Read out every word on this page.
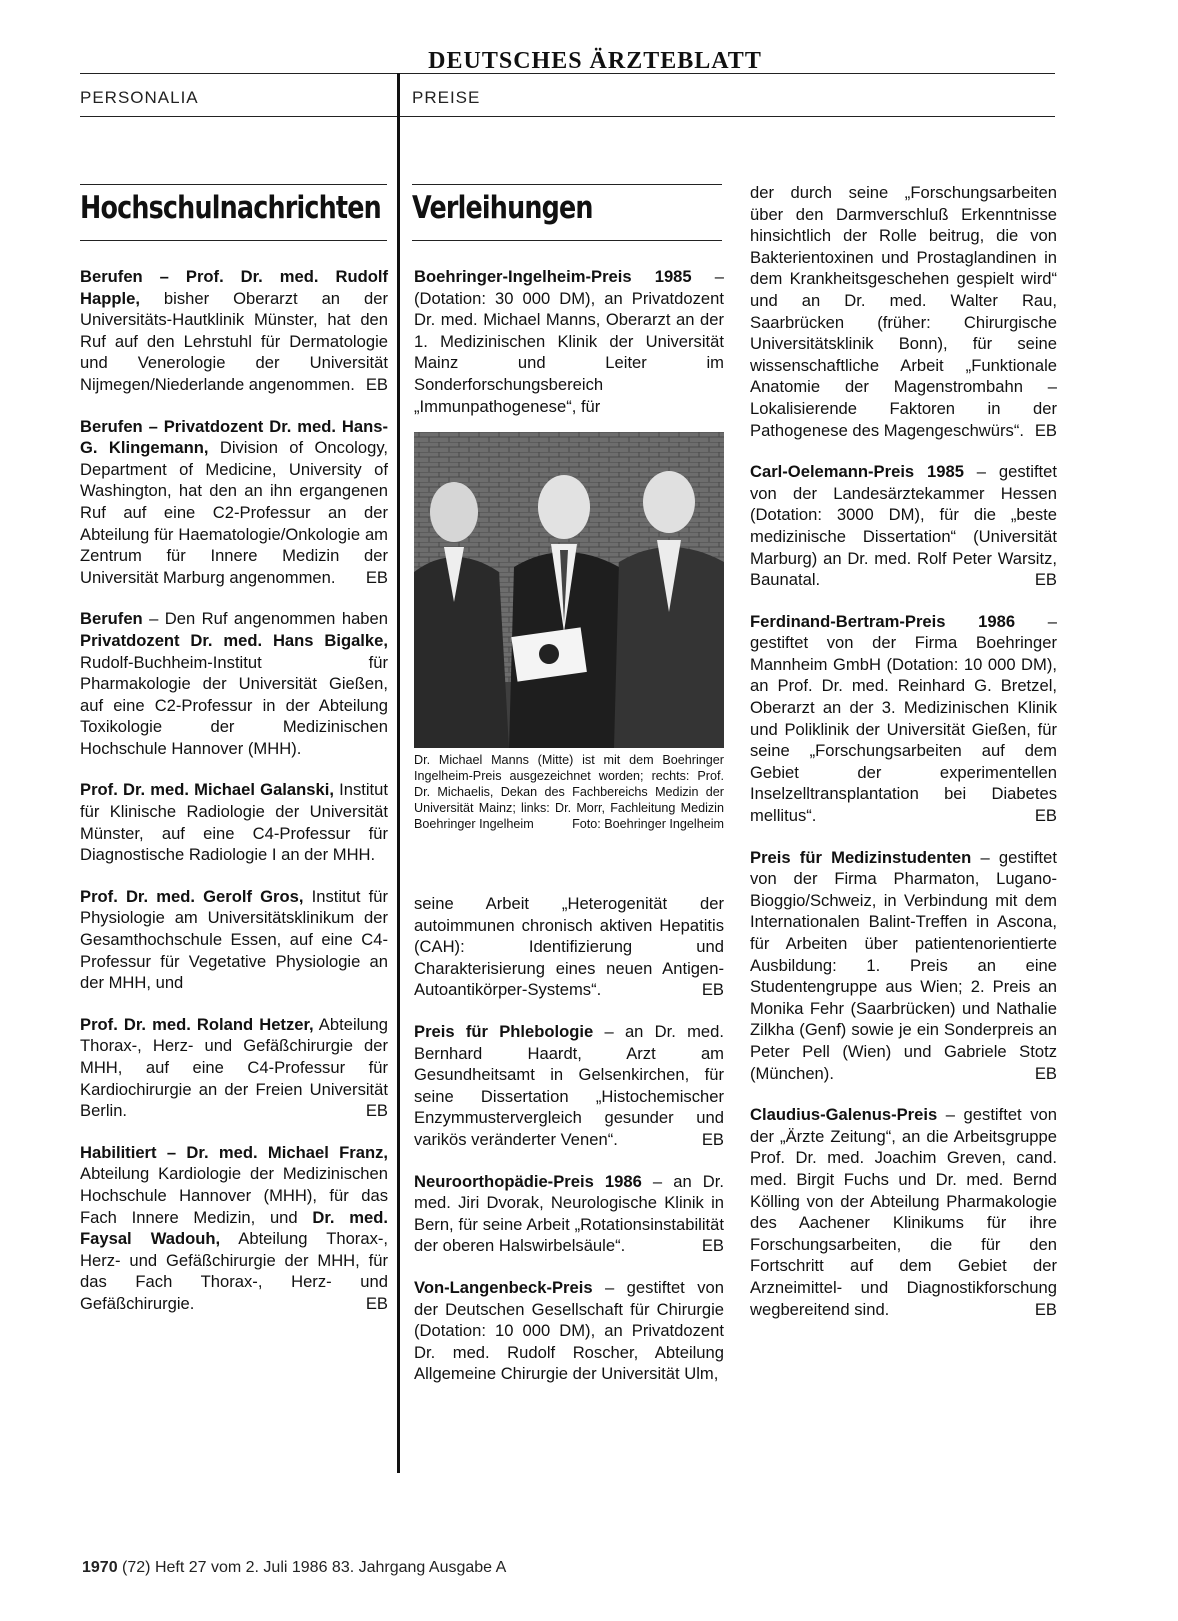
DEUTSCHES ÄRZTEBLATT
PERSONALIA	PREISE
Hochschulnachrichten

Berufen – Prof. Dr. med. Rudolf Happle, bisher Oberarzt an der Universitäts-Hautklinik Münster, hat den Ruf auf den Lehrstuhl für Dermatologie und Venerologie der Universität Nijmegen/Niederlande angenommen. EB

Berufen – Privatdozent Dr. med. Hans-G. Klingemann, Division of Oncology, Department of Medicine, University of Washington, hat den an ihn ergangenen Ruf auf eine C2-Professur an der Abteilung für Haematologie/Onkologie am Zentrum für Innere Medizin der Universität Marburg angenommen. EB

Berufen – Den Ruf angenommen haben Privatdozent Dr. med. Hans Bigalke, Rudolf-Buchheim-Institut für Pharmakologie der Universität Gießen, auf eine C2-Professur in der Abteilung Toxikologie der Medizinischen Hochschule Hannover (MHH).

Prof. Dr. med. Michael Galanski, Institut für Klinische Radiologie der Universität Münster, auf eine C4-Professur für Diagnostische Radiologie I an der MHH.

Prof. Dr. med. Gerolf Gros, Institut für Physiologie am Universitätsklinikum der Gesamthochschule Essen, auf eine C4-Professur für Vegetative Physiologie an der MHH, und

Prof. Dr. med. Roland Hetzer, Abteilung Thorax-, Herz- und Gefäßchirurgie der MHH, auf eine C4-Professur für Kardiochirurgie an der Freien Universität Berlin.	EB

Habilitiert – Dr. med. Michael Franz, Abteilung Kardiologie der Medizinischen Hochschule Hannover (MHH), für das Fach Innere Medizin, und Dr. med. Faysal Wadouh, Abteilung Thorax-, Herz- und Gefäßchirurgie der MHH, für das Fach Thorax-, Herz- und Gefäßchirurgie.	EB

Verleihungen

Boehringer-Ingelheim-Preis 1985 – (Dotation: 30 000 DM), an Privatdozent Dr. med. Michael Manns, Oberarzt an der 1. Medizinischen Klinik der Universität Mainz und Leiter im Sonderforschungsbereich „Immunpathogenese“, für

Dr. Michael Manns (Mitte) ist mit dem Boehringer Ingelheim-Preis ausgezeichnet worden; rechts: Prof. Dr. Michaelis, Dekan des Fachbereichs Medizin der Universität Mainz; links: Dr. Morr, Fachleitung Medizin Boehringer Ingelheim	Foto: Boehringer Ingelheim

seine Arbeit „Heterogenität der autoimmunen chronisch aktiven Hepatitis (CAH): Identifizierung und Charakterisierung eines neuen Antigen-Autoantikörper-Systems“.	EB

Preis für Phlebologie – an Dr. med. Bernhard Haardt, Arzt am Gesundheitsamt in Gelsenkirchen, für seine Dissertation „Histochemischer Enzymmustervergleich gesunder und varikös veränderter Venen“.	EB

Neuroorthopädie-Preis 1986 – an Dr. med. Jiri Dvorak, Neurologische Klinik in Bern, für seine Arbeit „Rotationsinstabilität der oberen Halswirbelsäule“.	EB

Von-Langenbeck-Preis – gestiftet von der Deutschen Gesellschaft für Chirurgie (Dotation: 10 000 DM), an Privatdozent Dr. med. Rudolf Roscher, Abteilung Allgemeine Chirurgie der Universität Ulm,

der durch seine „Forschungsarbeiten über den Darmverschluß Erkenntnisse hinsichtlich der Rolle beitrug, die von Bakterientoxinen und Prostaglandinen in dem Krankheitsgeschehen gespielt wird“ und an Dr. med. Walter Rau, Saarbrücken (früher: Chirurgische Universitätsklinik Bonn), für seine wissenschaftliche Arbeit „Funktionale Anatomie der Magenstrombahn – Lokalisierende Faktoren in der Pathogenese des Magengeschwürs“. EB

Carl-Oelemann-Preis 1985 – gestiftet von der Landesärztekammer Hessen (Dotation: 3000 DM), für die „beste medizinische Dissertation“ (Universität Marburg) an Dr. med. Rolf Peter Warsitz, Baunatal.	EB

Ferdinand-Bertram-Preis 1986 – gestiftet von der Firma Boehringer Mannheim GmbH (Dotation: 10 000 DM), an Prof. Dr. med. Reinhard G. Bretzel, Oberarzt an der 3. Medizinischen Klinik und Poliklinik der Universität Gießen, für seine „Forschungsarbeiten auf dem Gebiet der experimentellen Inselzelltransplantation bei Diabetes mellitus“.	EB

Preis für Medizinstudenten – gestiftet von der Firma Pharmaton, Lugano-Bioggio/Schweiz, in Verbindung mit dem Internationalen Balint-Treffen in Ascona, für Arbeiten über patientenorientierte Ausbildung: 1. Preis an eine Studentengruppe aus Wien; 2. Preis an Monika Fehr (Saarbrücken) und Nathalie Zilkha (Genf) sowie je ein Sonderpreis an Peter Pell (Wien) und Gabriele Stotz (München).	EB

Claudius-Galenus-Preis – gestiftet von der „Ärzte Zeitung“, an die Arbeitsgruppe Prof. Dr. med. Joachim Greven, cand. med. Birgit Fuchs und Dr. med. Bernd Kölling von der Abteilung Pharmakologie des Aachener Klinikums für ihre Forschungsarbeiten, die für den Fortschritt auf dem Gebiet der Arzneimittel- und Diagnostikforschung wegbereitend sind.	EB

1970 (72) Heft 27 vom 2. Juli 1986 83. Jahrgang Ausgabe A
